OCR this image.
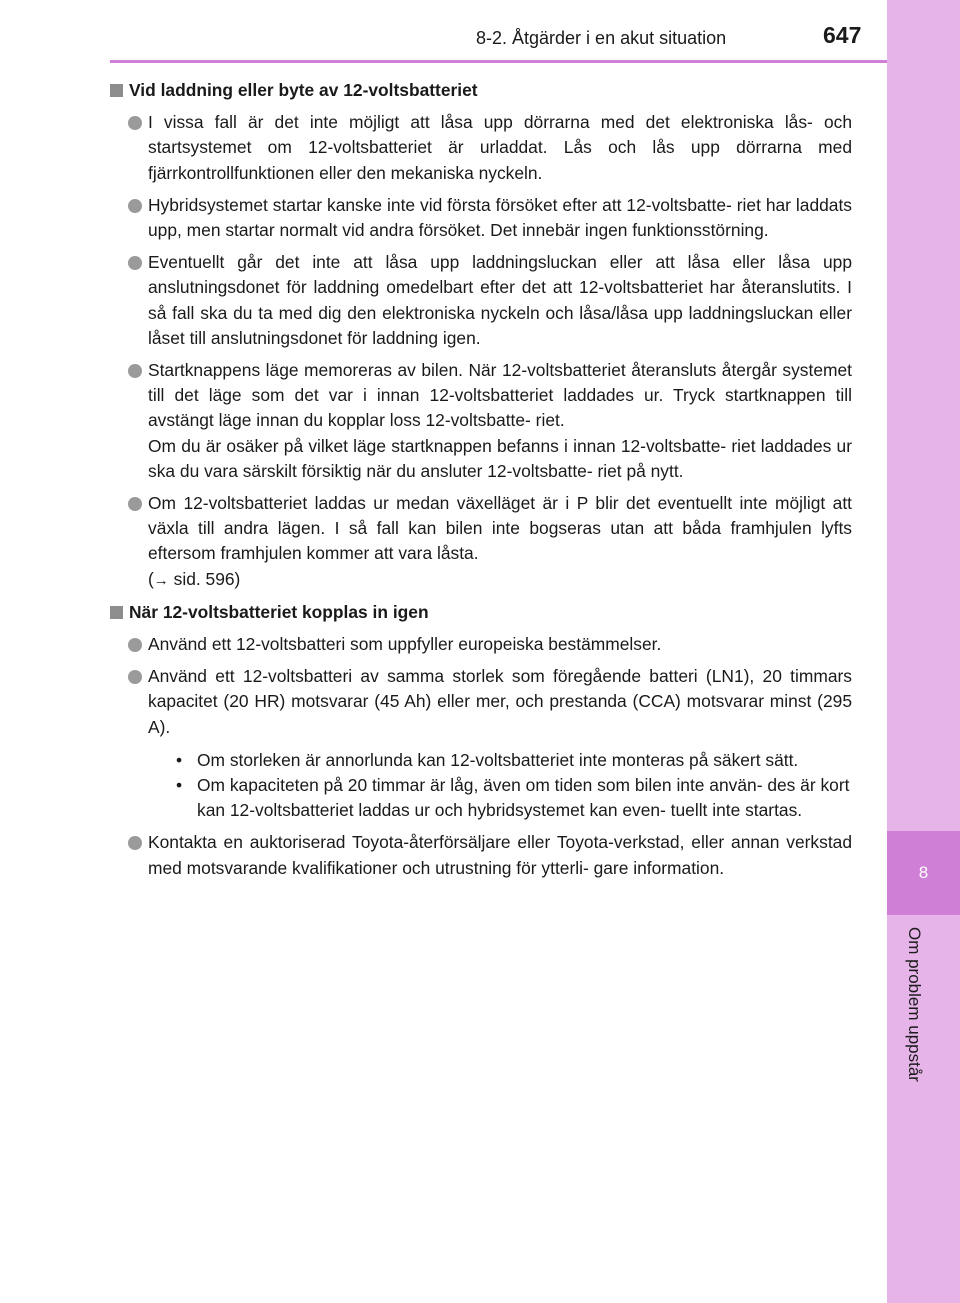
8
Om problem uppstår
8-2. Åtgärder i en akut situation	647
Vid laddning eller byte av 12-voltsbatteriet

I vissa fall är det inte möjligt att låsa upp dörrarna med det elektroniska lås- och startsystemet om 12-voltsbatteriet är urladdat. Lås och lås upp dörrarna med fjärrkontrollfunktionen eller den mekaniska nyckeln.

Hybridsystemet startar kanske inte vid första försöket efter att 12-voltsbatte- riet har laddats upp, men startar normalt vid andra försöket. Det innebär ingen funktionsstörning.

Eventuellt går det inte att låsa upp laddningsluckan eller att låsa eller låsa upp anslutningsdonet för laddning omedelbart efter det att 12-voltsbatteriet har återanslutits. I så fall ska du ta med dig den elektroniska nyckeln och låsa/låsa upp laddningsluckan eller låset till anslutningsdonet för laddning igen.

Startknappens läge memoreras av bilen. När 12-voltsbatteriet återansluts återgår systemet till det läge som det var i innan 12-voltsbatteriet laddades ur. Tryck startknappen till avstängt läge innan du kopplar loss 12-voltsbatte- riet.

Om du är osäker på vilket läge startknappen befanns i innan 12-voltsbatte- riet laddades ur ska du vara särskilt försiktig när du ansluter 12-voltsbatte- riet på nytt.

Om 12-voltsbatteriet laddas ur medan växelläget är i P blir det eventuellt inte möjligt att växla till andra lägen. I så fall kan bilen inte bogseras utan att båda framhjulen lyfts eftersom framhjulen kommer att vara låsta.
(→ sid. 596)

När 12-voltsbatteriet kopplas in igen

Använd ett 12-voltsbatteri som uppfyller europeiska bestämmelser.

Använd ett 12-voltsbatteri av samma storlek som föregående batteri (LN1), 20 timmars kapacitet (20 HR) motsvarar (45 Ah) eller mer, och prestanda (CCA) motsvarar minst (295 A).

• Om storleken är annorlunda kan 12-voltsbatteriet inte monteras på säkert sätt.
• Om kapaciteten på 20 timmar är låg, även om tiden som bilen inte använ- des är kort kan 12-voltsbatteriet laddas ur och hybridsystemet kan even- tuellt inte startas.

Kontakta en auktoriserad Toyota-återförsäljare eller Toyota-verkstad, eller annan verkstad med motsvarande kvalifikationer och utrustning för ytterli- gare information.
